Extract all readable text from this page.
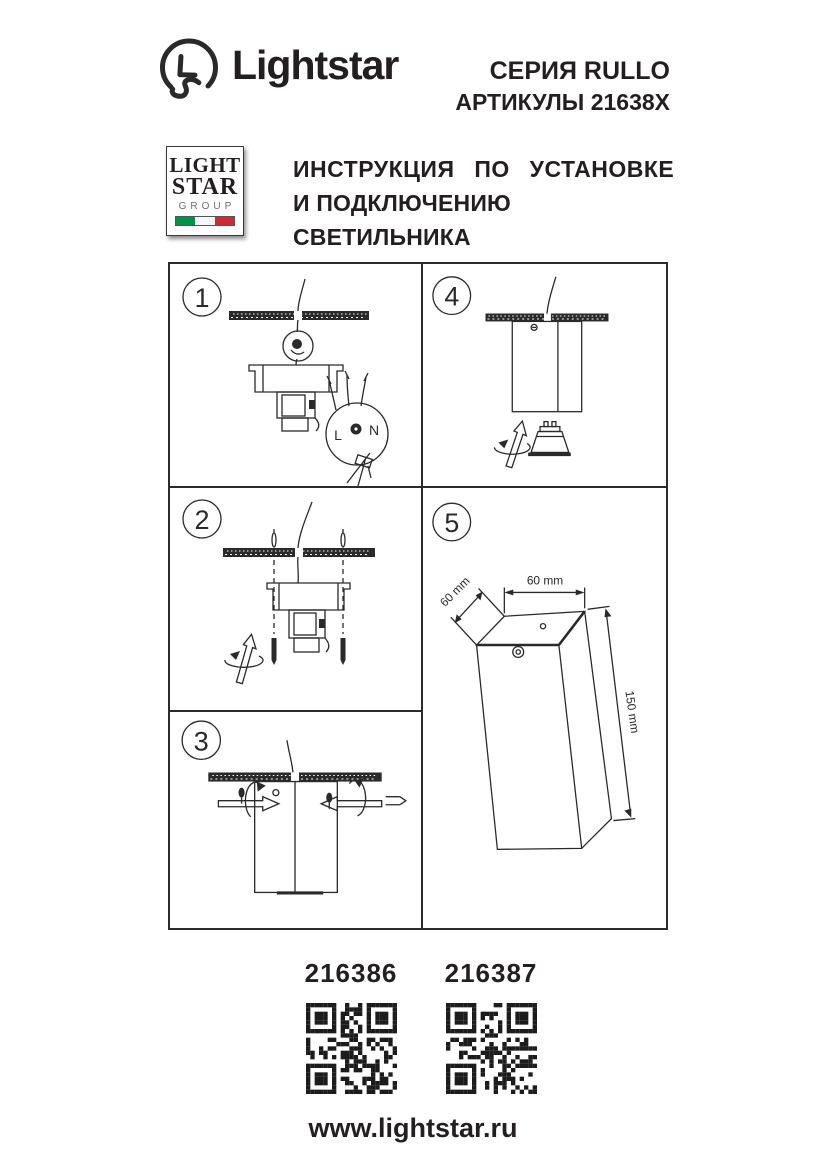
Lightstar	СЕРИЯ RULLO
АРТИКУЛЫ 21638X
LIGHT
STAR
GROUP
ИНСТРУКЦИЯ ПО УСТАНОВКЕ
И ПОДКЛЮЧЕНИЮ СВЕТИЛЬНИКА
1
L N
2
3
4
5
60 mm
60 mm
150 mm
216386 216387
www.lightstar.ru
